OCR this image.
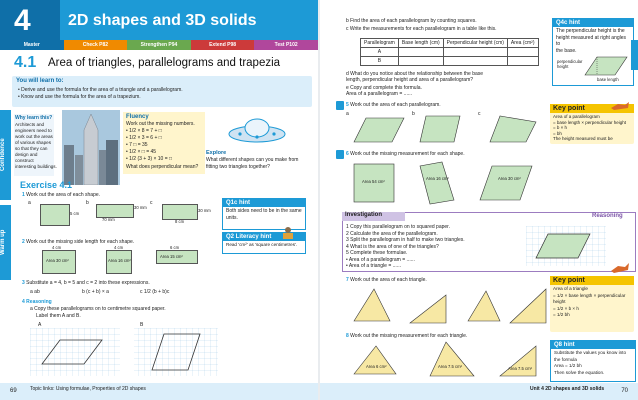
4 2D shapes and 3D solids
Master	Check P82	Strengthen P94	Extend P98	Test P102
4.1 Area of triangles, parallelograms and trapezia
You will learn to:
• Derive and use the formula for the area of a triangle and a parallelogram.
• Know and use the formula for the area of a trapezium.
Confidence
Why learn this?
Architects and
engineers need to
work out the areas
of various shapes
so that they can
design and construct
interesting buildings.
Fluency
Work out the missing numbers.
• 1/2 × 8 = 7 + □
• 1/2 × 3 = 6 + □
• 7 □ = 35
• 1/2 × □ = 45
• 1/2 (3 + 3) × 10 = □
What does perpendicular mean?
Explore
What different shapes can you make from
fitting two triangles together?
Warm up
Exercise 4.1
1 Work out the area of each shape.
a
5 cm
b
70 mm
30 mm
c
8 cm
30 mm
Q1c hint
Both sides need to be in the same
units.
Q2 Literacy hint
Read 'cm²' as 'square centimetres'.
2 Work out the missing side length for each shape.
4 cm
Area 30 cm²
4 cm
Area 16 cm²
6 cm
Area 15 cm²
3 Substitute a = 4, b = 5 and c = 2 into these expressions.
a ab	b (c + b) × a	c 1/2 (b + b)c
4 Reasoning
a Copy these parallelograms on to centimetre squared paper.
Label them A and B.
A	B
Topic links: Using formulae, Properties of 2D shapes
69
b Find the area of each parallelogram by counting squares.
c Write the measurements for each parallelogram in a table like this.
Parallelogram	Base length (cm)	Perpendicular height (cm)	Area (cm²)
A			
B			
d What do you notice about the relationship between the base
length, perpendicular height and area of a parallelogram?
e Copy and complete this formula.
Area of a parallelogram = ......
Q4c hint
The perpendicular height is the
height measured at right angles to
the base.
perpendicular height
base length
5 Work out the area of each parallelogram.
a	b	c
Key point
Area of a parallelogram
= base length × perpendicular height
= b × h
= bh
The height measured must be
6 Work out the missing measurement for each shape.
Area 54 cm²
Area 16 cm²	Area 30 cm²
Investigation	Reasoning
1 Copy this parallelogram on to squared paper.
2 Calculate the area of the parallelogram.
3 Split the parallelogram in half to make two triangles.
4 What is the area of one of the triangles?
5 Complete these formulae.
• Area of a parallelogram = ......
• Area of a triangle = ......
7 Work out the area of each triangle.	Key point
Area of a triangle
= 1/2 × base length × perpendicular
height
= 1/2 × b × h
= 1/2 bh
8 Work out the missing measurement for each triangle.
Area 6 cm²	Area 7.5 cm²	Area 7.5 cm²
Q8 hint
Substitute the values you know into
the formula
Area = 1/2 bh
Then solve the equation.
Unit 4 2D shapes and 3D solids	70
